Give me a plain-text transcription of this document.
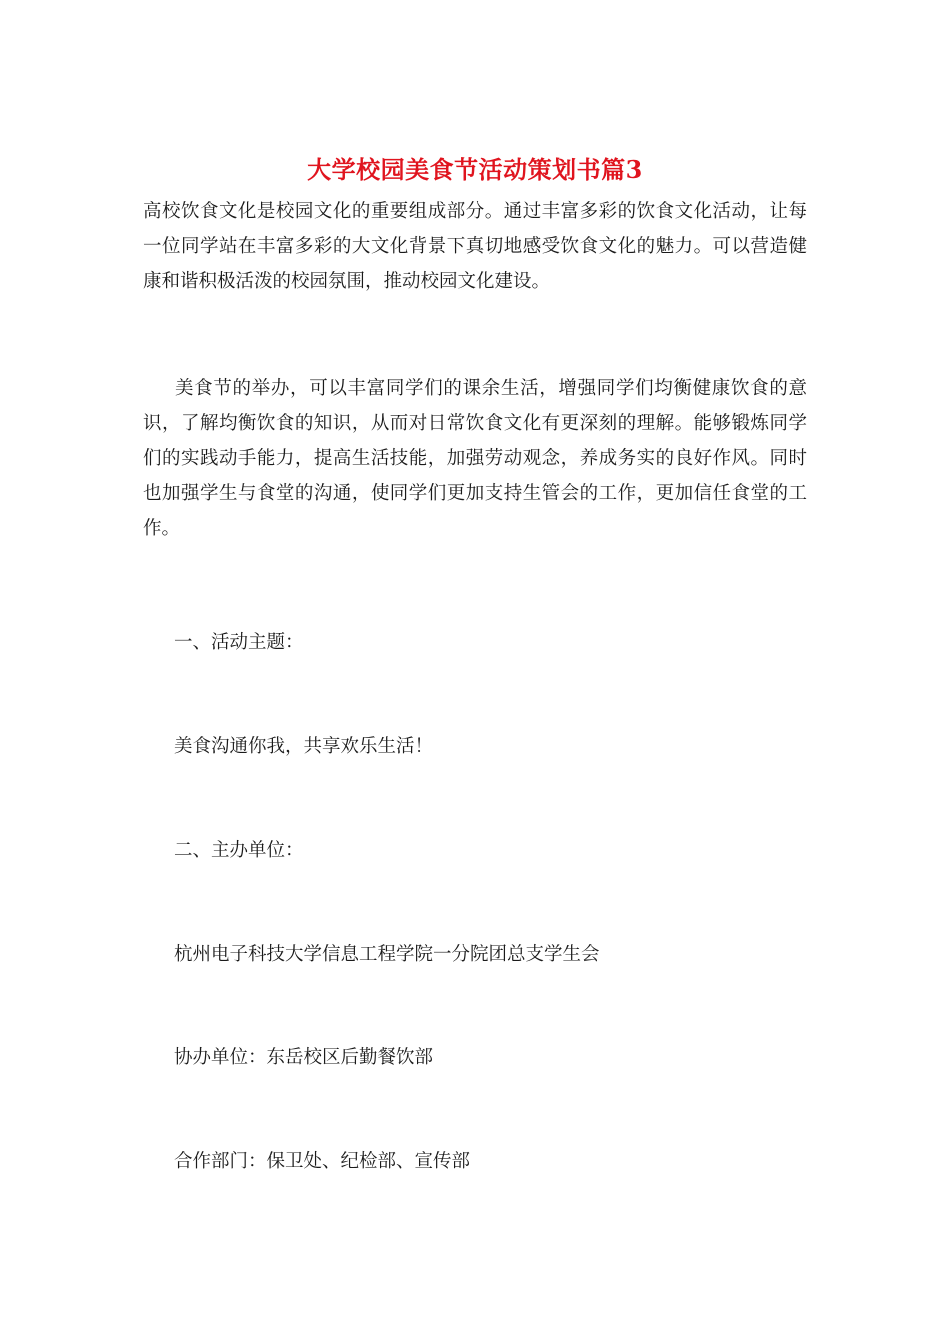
大学校园美食节活动策划书篇3

高校饮食文化是校园文化的重要组成部分。通过丰富多彩的饮食文化活动，让每一位同学站在丰富多彩的大文化背景下真切地感受饮食文化的魅力。可以营造健康和谐积极活泼的校园氛围，推动校园文化建设。

美食节的举办，可以丰富同学们的课余生活，增强同学们均衡健康饮食的意识，了解均衡饮食的知识，从而对日常饮食文化有更深刻的理解。能够锻炼同学们的实践动手能力，提高生活技能，加强劳动观念，养成务实的良好作风。同时也加强学生与食堂的沟通，使同学们更加支持生管会的工作，更加信任食堂的工作。

一、活动主题：

美食沟通你我，共享欢乐生活！

二、主办单位：

杭州电子科技大学信息工程学院一分院团总支学生会

协办单位：东岳校区后勤餐饮部

合作部门：保卫处、纪检部、宣传部
